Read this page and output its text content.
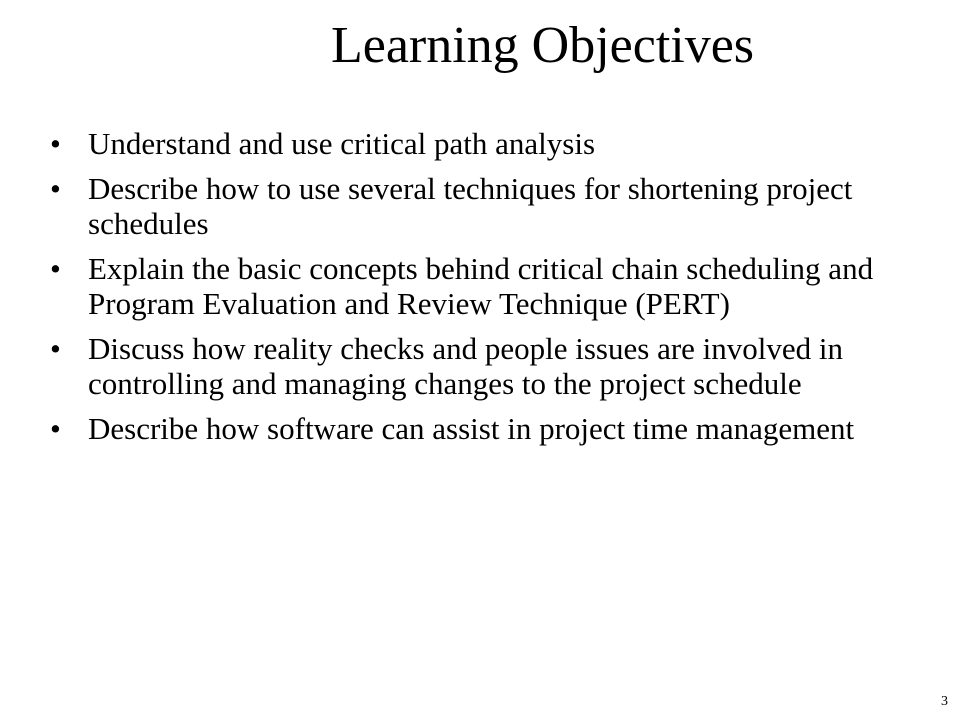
Learning Objectives
• Understand and use critical path analysis
• Describe how to use several techniques for shortening project schedules
• Explain the basic concepts behind critical chain scheduling and Program Evaluation and Review Technique (PERT)
• Discuss how reality checks and people issues are involved in controlling and managing changes to the project schedule
• Describe how software can assist in project time management
3
